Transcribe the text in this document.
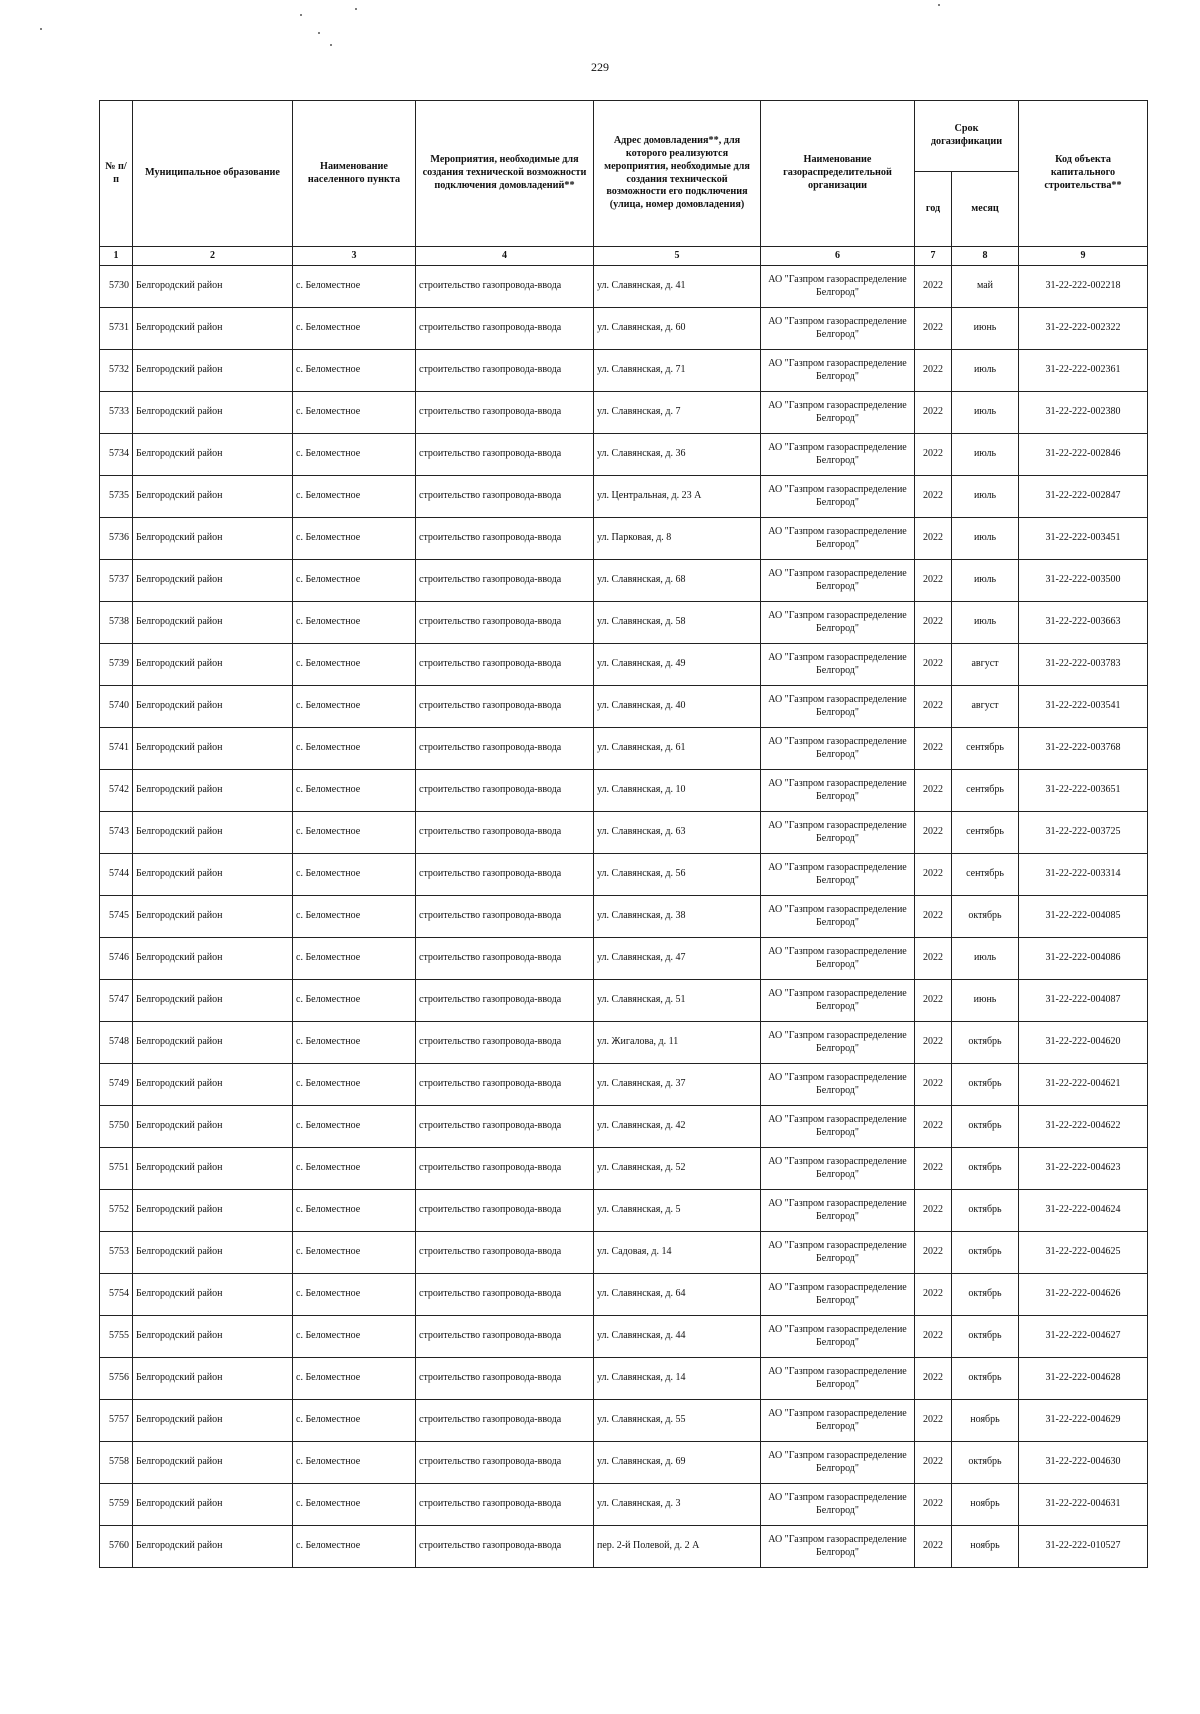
229
№ п/п	Муниципальное образование	Наименование населенного пункта	Мероприятия, необходимые для создания технической возможности подключения домовладений**	Адрес домовладения**, для которого реализуются мероприятия, необходимые для создания технической возможности его подключения (улица, номер домовладения)	Наименование газораспределительной организации	Срок догазификации		Код объекта капитального строительства**
						год	месяц	
1	2	3	4	5	6	7	8	9
5730	Белгородский район	с. Беломестное	строительство газопровода-ввода	ул. Славянская, д. 41	АО "Газпром газораспределение Белгород"	2022	май	31-22-222-002218
5731	Белгородский район	с. Беломестное	строительство газопровода-ввода	ул. Славянская, д. 60	АО "Газпром газораспределение Белгород"	2022	июнь	31-22-222-002322
5732	Белгородский район	с. Беломестное	строительство газопровода-ввода	ул. Славянская, д. 71	АО "Газпром газораспределение Белгород"	2022	июль	31-22-222-002361
5733	Белгородский район	с. Беломестное	строительство газопровода-ввода	ул. Славянская, д. 7	АО "Газпром газораспределение Белгород"	2022	июль	31-22-222-002380
5734	Белгородский район	с. Беломестное	строительство газопровода-ввода	ул. Славянская, д. 36	АО "Газпром газораспределение Белгород"	2022	июль	31-22-222-002846
5735	Белгородский район	с. Беломестное	строительство газопровода-ввода	ул. Центральная, д. 23 А	АО "Газпром газораспределение Белгород"	2022	июль	31-22-222-002847
5736	Белгородский район	с. Беломестное	строительство газопровода-ввода	ул. Парковая, д. 8	АО "Газпром газораспределение Белгород"	2022	июль	31-22-222-003451
5737	Белгородский район	с. Беломестное	строительство газопровода-ввода	ул. Славянская, д. 68	АО "Газпром газораспределение Белгород"	2022	июль	31-22-222-003500
5738	Белгородский район	с. Беломестное	строительство газопровода-ввода	ул. Славянская, д. 58	АО "Газпром газораспределение Белгород"	2022	июль	31-22-222-003663
5739	Белгородский район	с. Беломестное	строительство газопровода-ввода	ул. Славянская, д. 49	АО "Газпром газораспределение Белгород"	2022	август	31-22-222-003783
5740	Белгородский район	с. Беломестное	строительство газопровода-ввода	ул. Славянская, д. 40	АО "Газпром газораспределение Белгород"	2022	август	31-22-222-003541
5741	Белгородский район	с. Беломестное	строительство газопровода-ввода	ул. Славянская, д. 61	АО "Газпром газораспределение Белгород"	2022	сентябрь	31-22-222-003768
5742	Белгородский район	с. Беломестное	строительство газопровода-ввода	ул. Славянская, д. 10	АО "Газпром газораспределение Белгород"	2022	сентябрь	31-22-222-003651
5743	Белгородский район	с. Беломестное	строительство газопровода-ввода	ул. Славянская, д. 63	АО "Газпром газораспределение Белгород"	2022	сентябрь	31-22-222-003725
5744	Белгородский район	с. Беломестное	строительство газопровода-ввода	ул. Славянская, д. 56	АО "Газпром газораспределение Белгород"	2022	сентябрь	31-22-222-003314
5745	Белгородский район	с. Беломестное	строительство газопровода-ввода	ул. Славянская, д. 38	АО "Газпром газораспределение Белгород"	2022	октябрь	31-22-222-004085
5746	Белгородский район	с. Беломестное	строительство газопровода-ввода	ул. Славянская, д. 47	АО "Газпром газораспределение Белгород"	2022	июль	31-22-222-004086
5747	Белгородский район	с. Беломестное	строительство газопровода-ввода	ул. Славянская, д. 51	АО "Газпром газораспределение Белгород"	2022	июнь	31-22-222-004087
5748	Белгородский район	с. Беломестное	строительство газопровода-ввода	ул. Жигалова, д. 11	АО "Газпром газораспределение Белгород"	2022	октябрь	31-22-222-004620
5749	Белгородский район	с. Беломестное	строительство газопровода-ввода	ул. Славянская, д. 37	АО "Газпром газораспределение Белгород"	2022	октябрь	31-22-222-004621
5750	Белгородский район	с. Беломестное	строительство газопровода-ввода	ул. Славянская, д. 42	АО "Газпром газораспределение Белгород"	2022	октябрь	31-22-222-004622
5751	Белгородский район	с. Беломестное	строительство газопровода-ввода	ул. Славянская, д. 52	АО "Газпром газораспределение Белгород"	2022	октябрь	31-22-222-004623
5752	Белгородский район	с. Беломестное	строительство газопровода-ввода	ул. Славянская, д. 5	АО "Газпром газораспределение Белгород"	2022	октябрь	31-22-222-004624
5753	Белгородский район	с. Беломестное	строительство газопровода-ввода	ул. Садовая, д. 14	АО "Газпром газораспределение Белгород"	2022	октябрь	31-22-222-004625
5754	Белгородский район	с. Беломестное	строительство газопровода-ввода	ул. Славянская, д. 64	АО "Газпром газораспределение Белгород"	2022	октябрь	31-22-222-004626
5755	Белгородский район	с. Беломестное	строительство газопровода-ввода	ул. Славянская, д. 44	АО "Газпром газораспределение Белгород"	2022	октябрь	31-22-222-004627
5756	Белгородский район	с. Беломестное	строительство газопровода-ввода	ул. Славянская, д. 14	АО "Газпром газораспределение Белгород"	2022	октябрь	31-22-222-004628
5757	Белгородский район	с. Беломестное	строительство газопровода-ввода	ул. Славянская, д. 55	АО "Газпром газораспределение Белгород"	2022	ноябрь	31-22-222-004629
5758	Белгородский район	с. Беломестное	строительство газопровода-ввода	ул. Славянская, д. 69	АО "Газпром газораспределение Белгород"	2022	октябрь	31-22-222-004630
5759	Белгородский район	с. Беломестное	строительство газопровода-ввода	ул. Славянская, д. 3	АО "Газпром газораспределение Белгород"	2022	ноябрь	31-22-222-004631
5760	Белгородский район	с. Беломестное	строительство газопровода-ввода	пер. 2-й Полевой, д. 2 А	АО "Газпром газораспределение Белгород"	2022	ноябрь	31-22-222-010527
